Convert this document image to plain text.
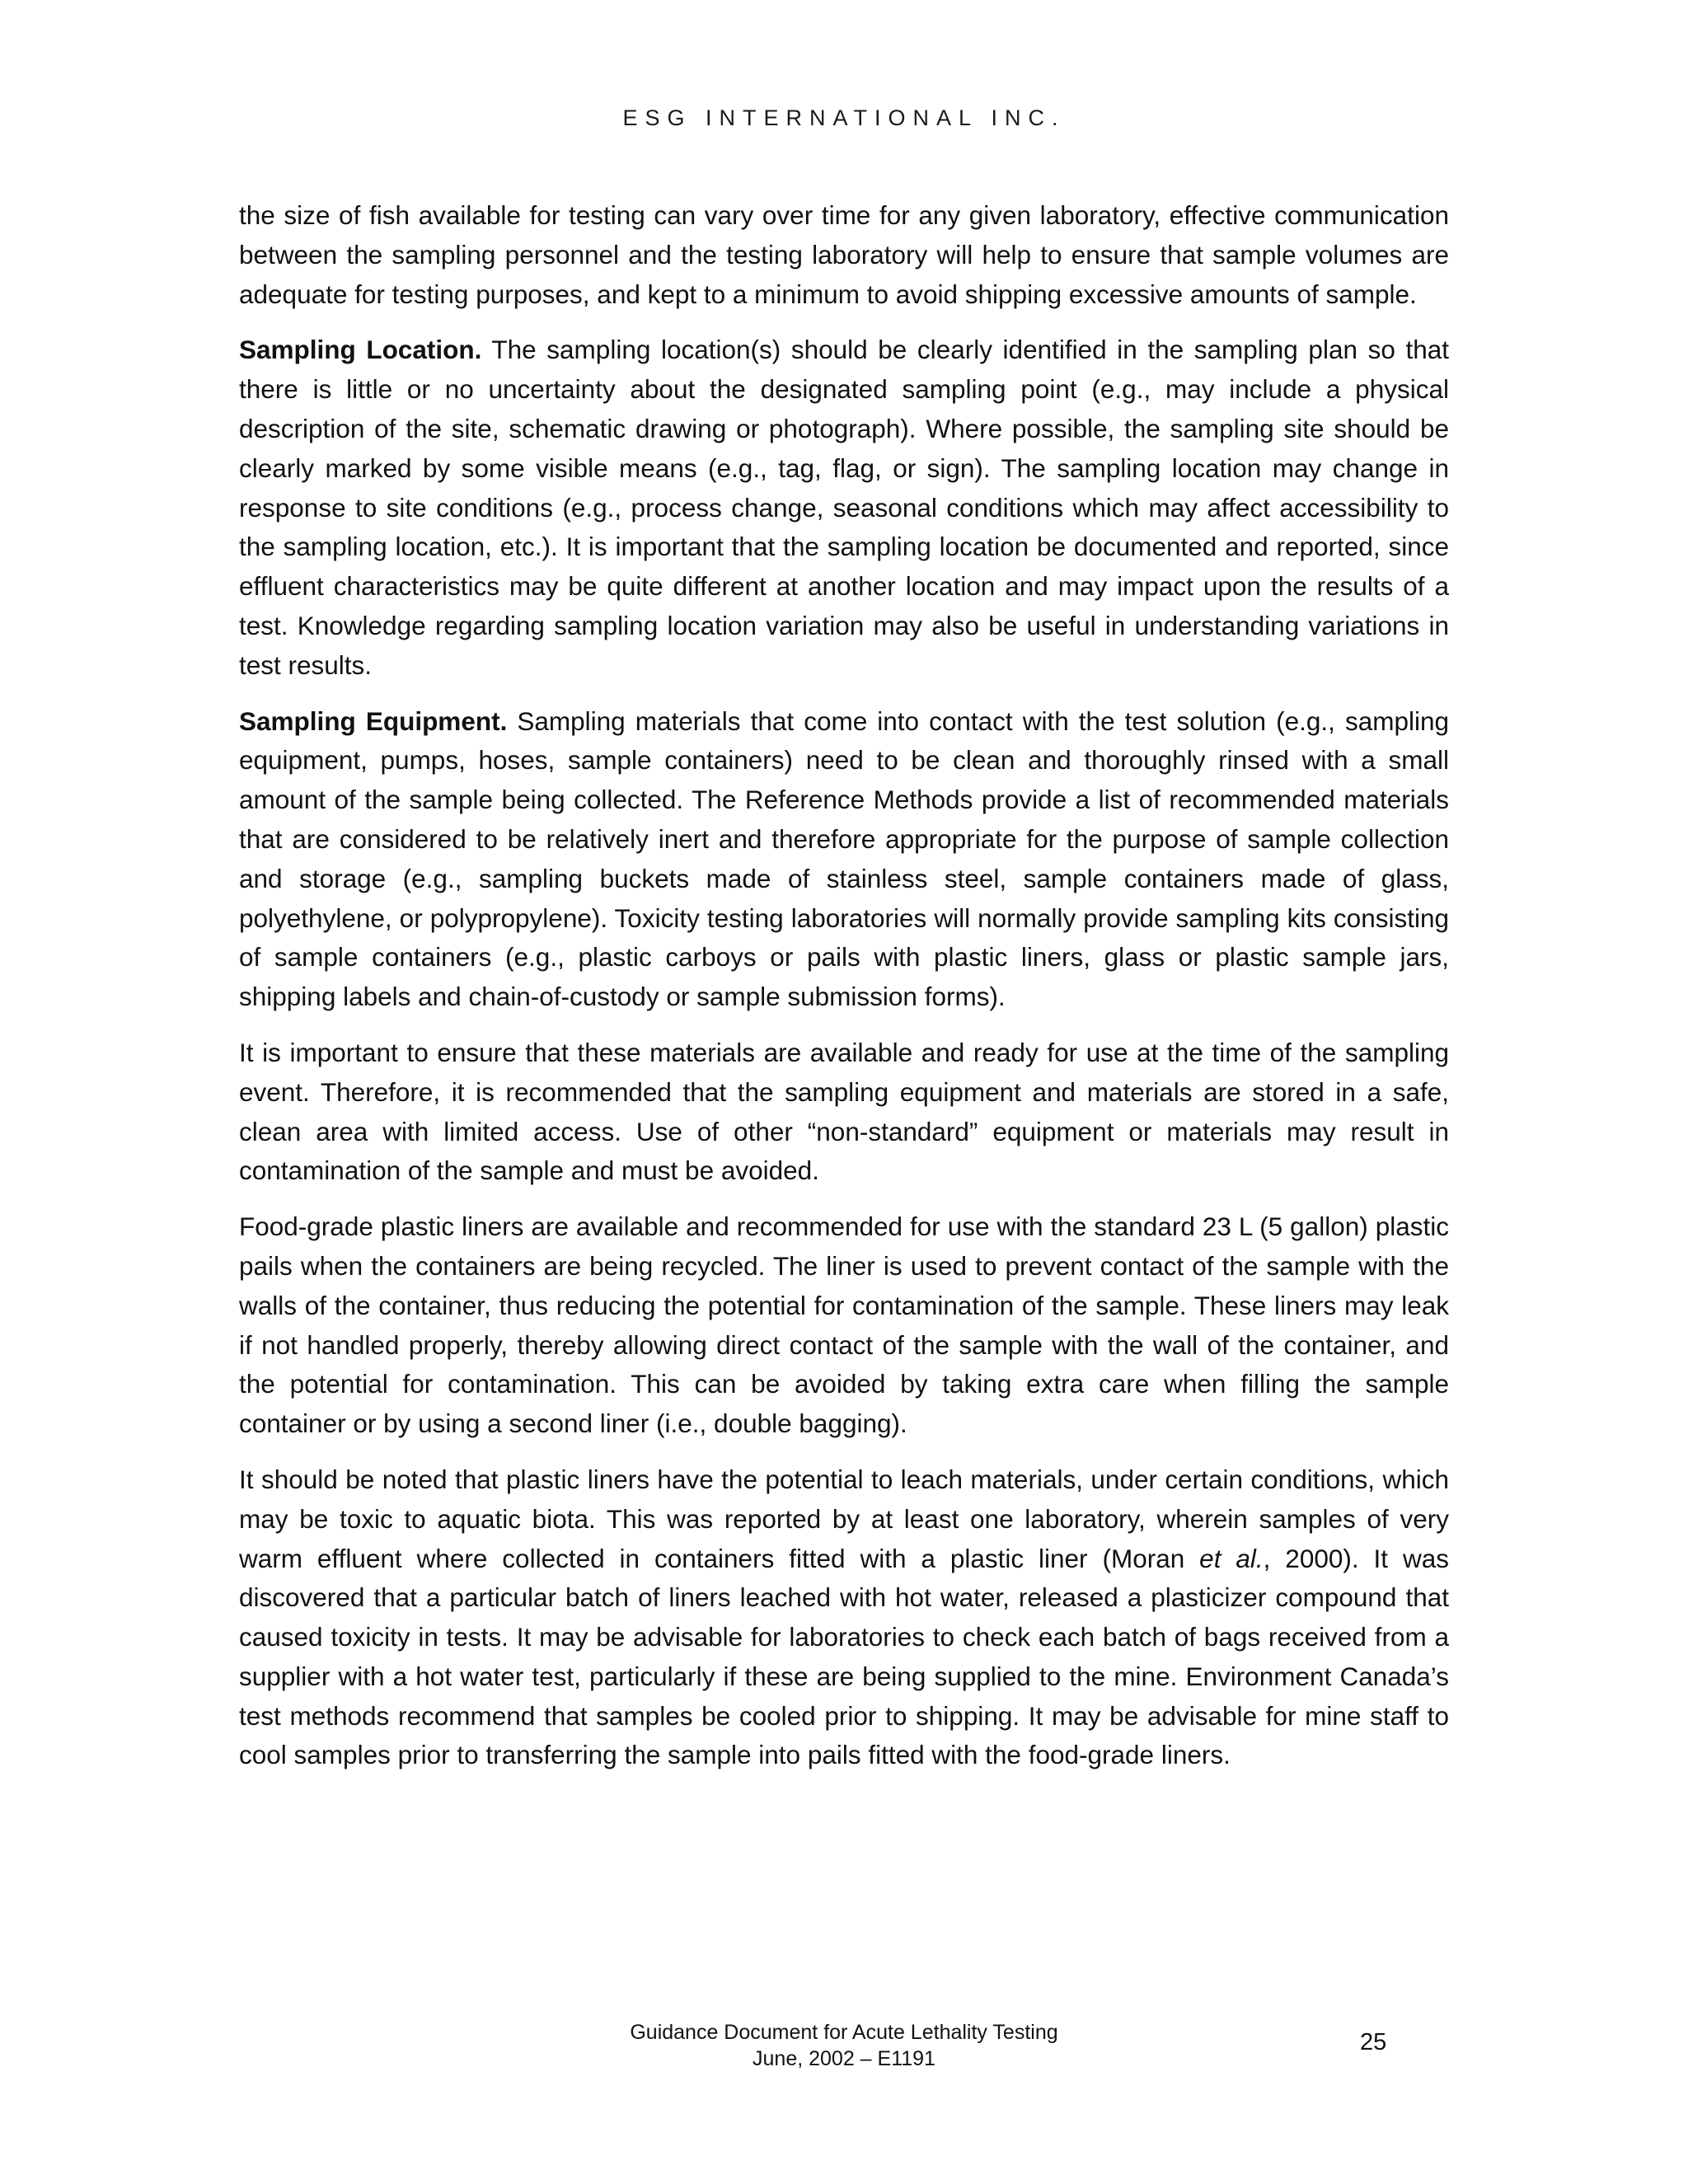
ESG INTERNATIONAL INC.

the size of fish available for testing can vary over time for any given laboratory, effective communication between the sampling personnel and the testing laboratory will help to ensure that sample volumes are adequate for testing purposes, and kept to a minimum to avoid shipping excessive amounts of sample.

Sampling Location. The sampling location(s) should be clearly identified in the sampling plan so that there is little or no uncertainty about the designated sampling point (e.g., may include a physical description of the site, schematic drawing or photograph). Where possible, the sampling site should be clearly marked by some visible means (e.g., tag, flag, or sign). The sampling location may change in response to site conditions (e.g., process change, seasonal conditions which may affect accessibility to the sampling location, etc.). It is important that the sampling location be documented and reported, since effluent characteristics may be quite different at another location and may impact upon the results of a test. Knowledge regarding sampling location variation may also be useful in understanding variations in test results.

Sampling Equipment. Sampling materials that come into contact with the test solution (e.g., sampling equipment, pumps, hoses, sample containers) need to be clean and thoroughly rinsed with a small amount of the sample being collected. The Reference Methods provide a list of recommended materials that are considered to be relatively inert and therefore appropriate for the purpose of sample collection and storage (e.g., sampling buckets made of stainless steel, sample containers made of glass, polyethylene, or polypropylene). Toxicity testing laboratories will normally provide sampling kits consisting of sample containers (e.g., plastic carboys or pails with plastic liners, glass or plastic sample jars, shipping labels and chain-of-custody or sample submission forms).

It is important to ensure that these materials are available and ready for use at the time of the sampling event. Therefore, it is recommended that the sampling equipment and materials are stored in a safe, clean area with limited access. Use of other “non-standard” equipment or materials may result in contamination of the sample and must be avoided.

Food-grade plastic liners are available and recommended for use with the standard 23 L (5 gallon) plastic pails when the containers are being recycled. The liner is used to prevent contact of the sample with the walls of the container, thus reducing the potential for contamination of the sample. These liners may leak if not handled properly, thereby allowing direct contact of the sample with the wall of the container, and the potential for contamination. This can be avoided by taking extra care when filling the sample container or by using a second liner (i.e., double bagging).

It should be noted that plastic liners have the potential to leach materials, under certain conditions, which may be toxic to aquatic biota. This was reported by at least one laboratory, wherein samples of very warm effluent where collected in containers fitted with a plastic liner (Moran et al., 2000). It was discovered that a particular batch of liners leached with hot water, released a plasticizer compound that caused toxicity in tests. It may be advisable for laboratories to check each batch of bags received from a supplier with a hot water test, particularly if these are being supplied to the mine. Environment Canada’s test methods recommend that samples be cooled prior to shipping. It may be advisable for mine staff to cool samples prior to transferring the sample into pails fitted with the food-grade liners.

Guidance Document for Acute Lethality Testing
June, 2002 – E1191
25
